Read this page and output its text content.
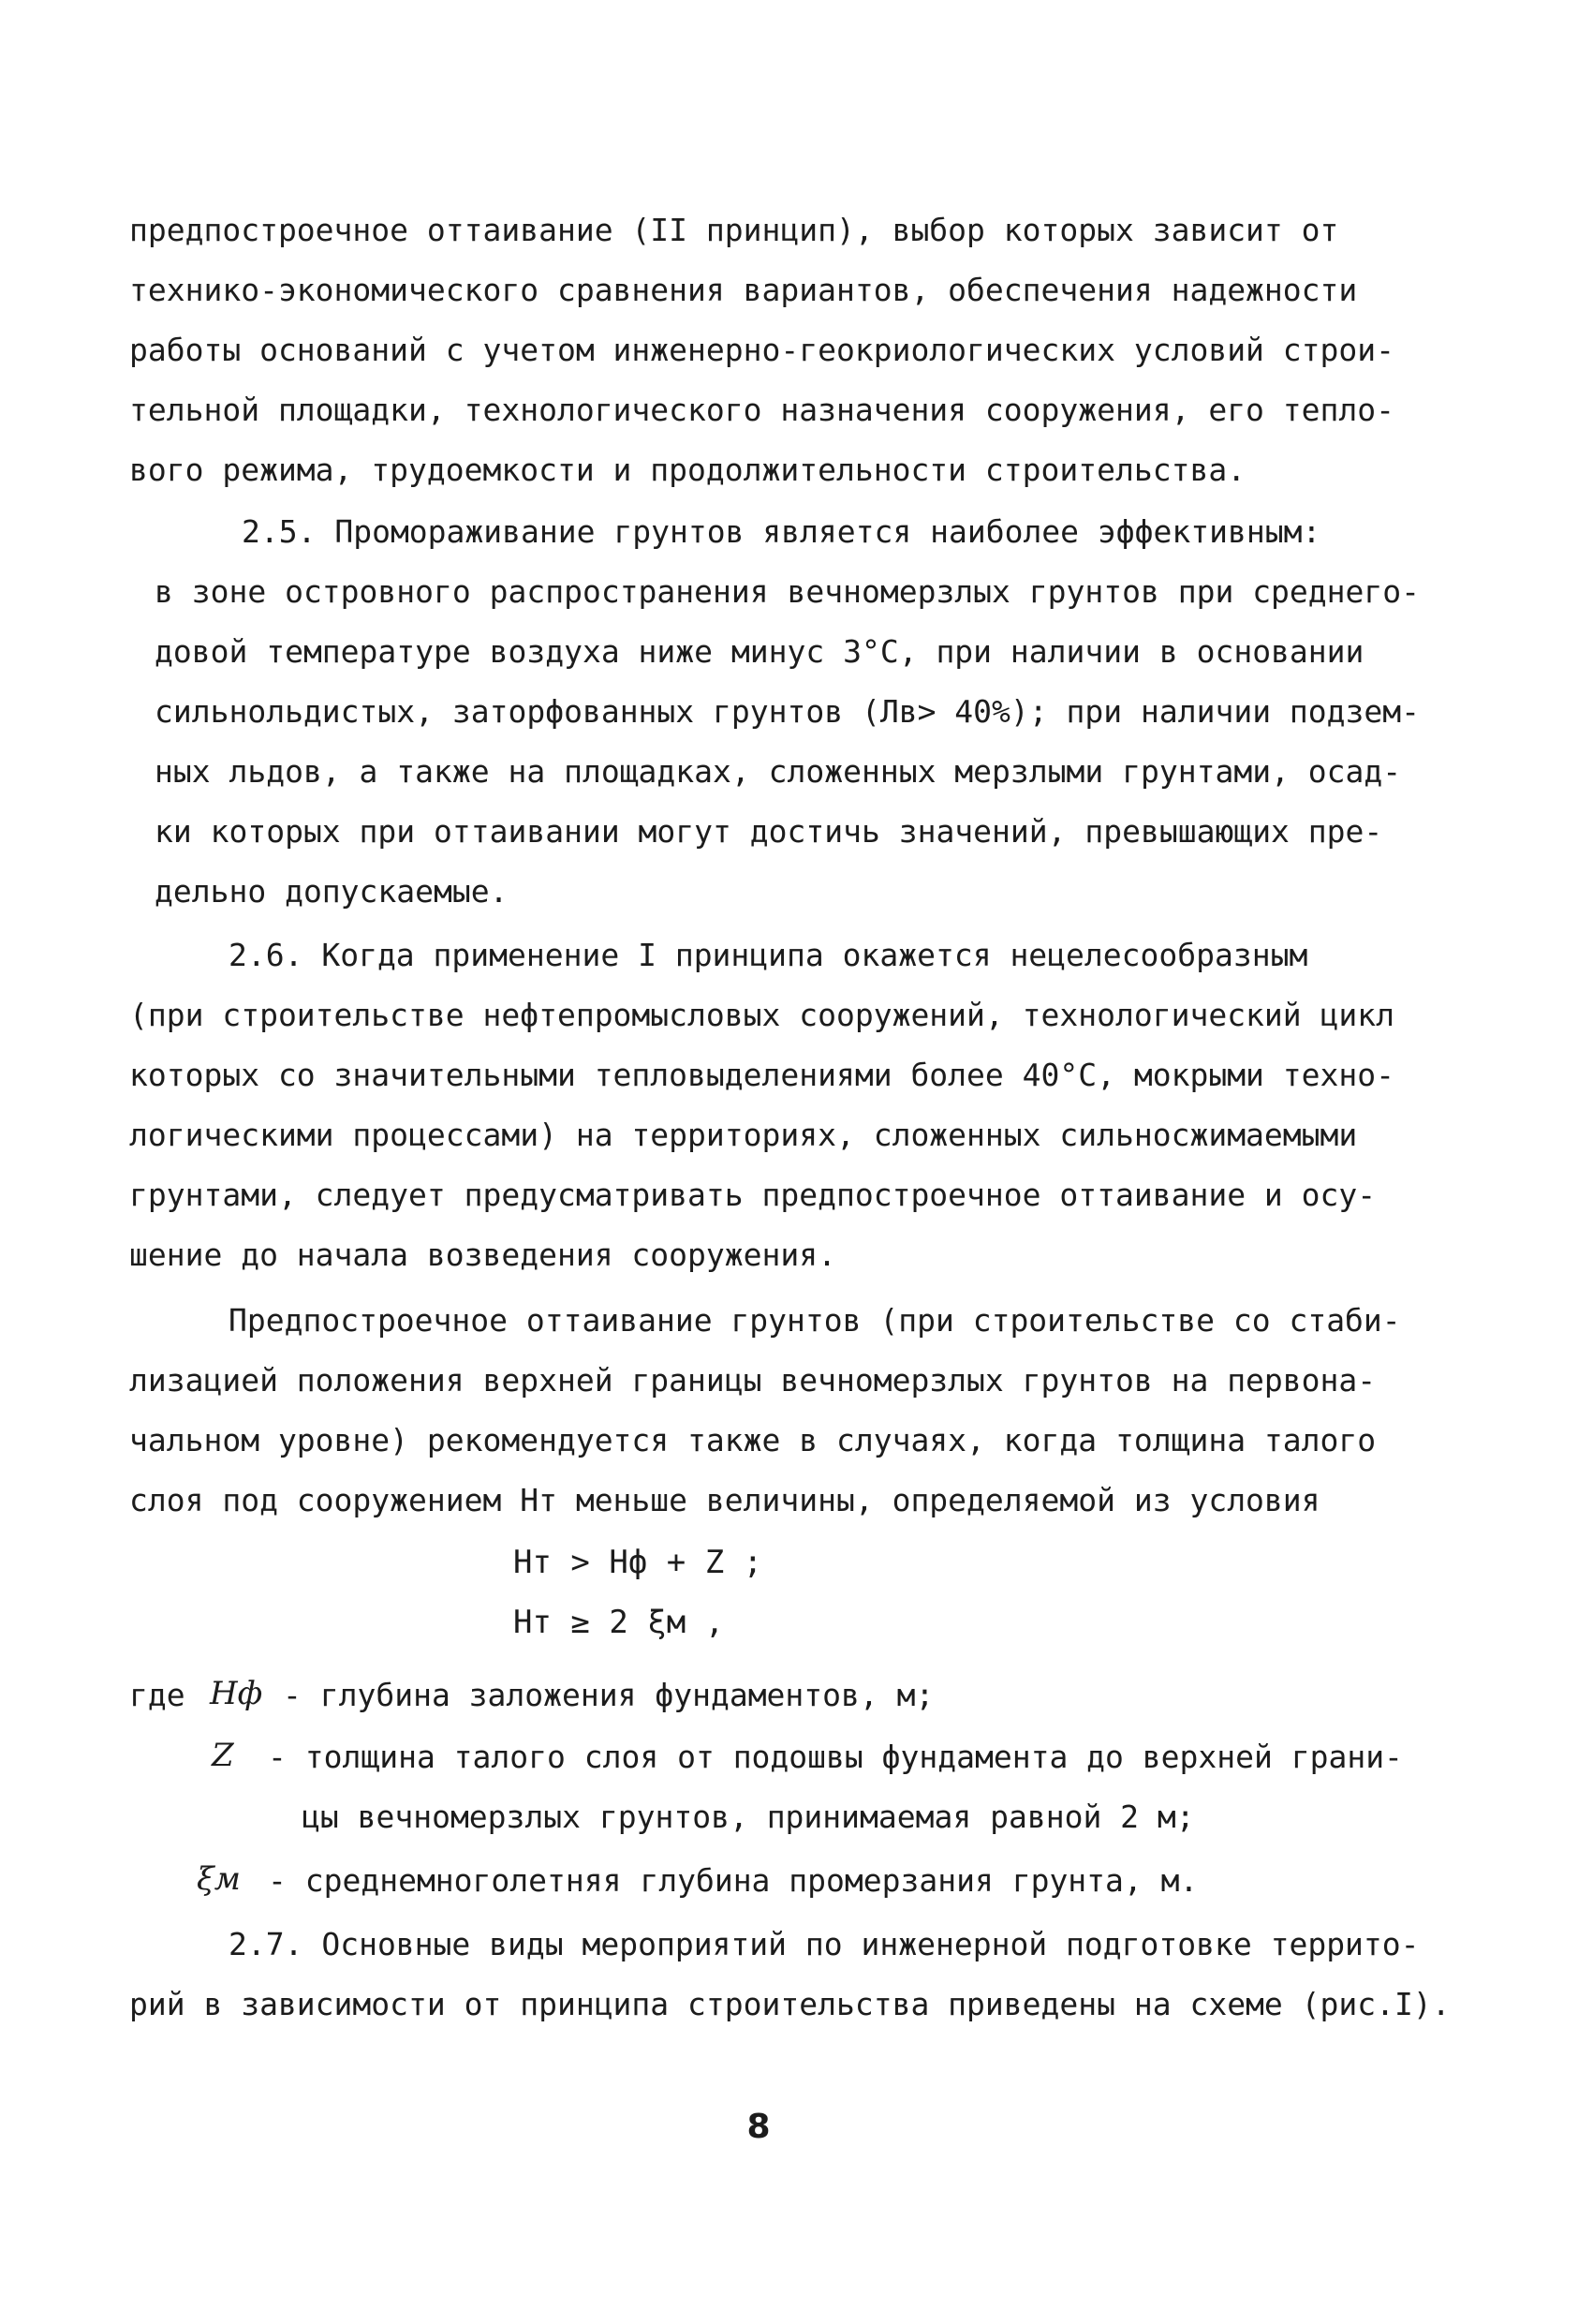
предпостроечное оттаивание (II принцип), выбор которых зависит от
технико-экономического сравнения вариантов, обеспечения надежности
работы оснований с учетом инженерно-геокриологических условий строи-
тельной площадки, технологического назначения сооружения, его тепло-
вого режима, трудоемкости и продолжительности строительства.
2.5. Промораживание грунтов является наиболее эффективным:
в зоне островного распространения вечномерзлых грунтов при среднего-
довой температуре воздуха ниже минус 3°С, при наличии в основании
сильнольдистых, заторфованных грунтов (Лв> 40%); при наличии подзем-
ных льдов, а также на площадках, сложенных мерзлыми грунтами, осад-
ки которых при оттаивании могут достичь значений, превышающих пре-
дельно допускаемые.
2.6. Когда применение I принципа окажется нецелесообразным
(при строительстве нефтепромысловых сооружений, технологический цикл
которых со значительными тепловыделениями более 40°С, мокрыми техно-
логическими процессами) на территориях, сложенных сильносжимаемыми
грунтами, следует предусматривать предпостроечное оттаивание и осу-
шение до начала возведения сооружения.
Предпостроечное оттаивание грунтов (при строительстве со стаби-
лизацией положения верхней границы вечномерзлых грунтов на первона-
чальном уровне) рекомендуется также в случаях, когда толщина талого
слоя под сооружением Нт меньше величины, определяемой из условия
Hт > Hф + Z ;
Hт ≥ 2 ξм ,
где Hф - глубина заложения фундаментов, м;
Z - толщина талого слоя от подошвы фундамента до верхней грани-
цы вечномерзлых грунтов, принимаемая равной 2 м;
ξм - среднемноголетняя глубина промерзания грунта, м.
2.7. Основные виды мероприятий по инженерной подготовке террито-
рий в зависимости от принципа строительства приведены на схеме (рис.I).
8
